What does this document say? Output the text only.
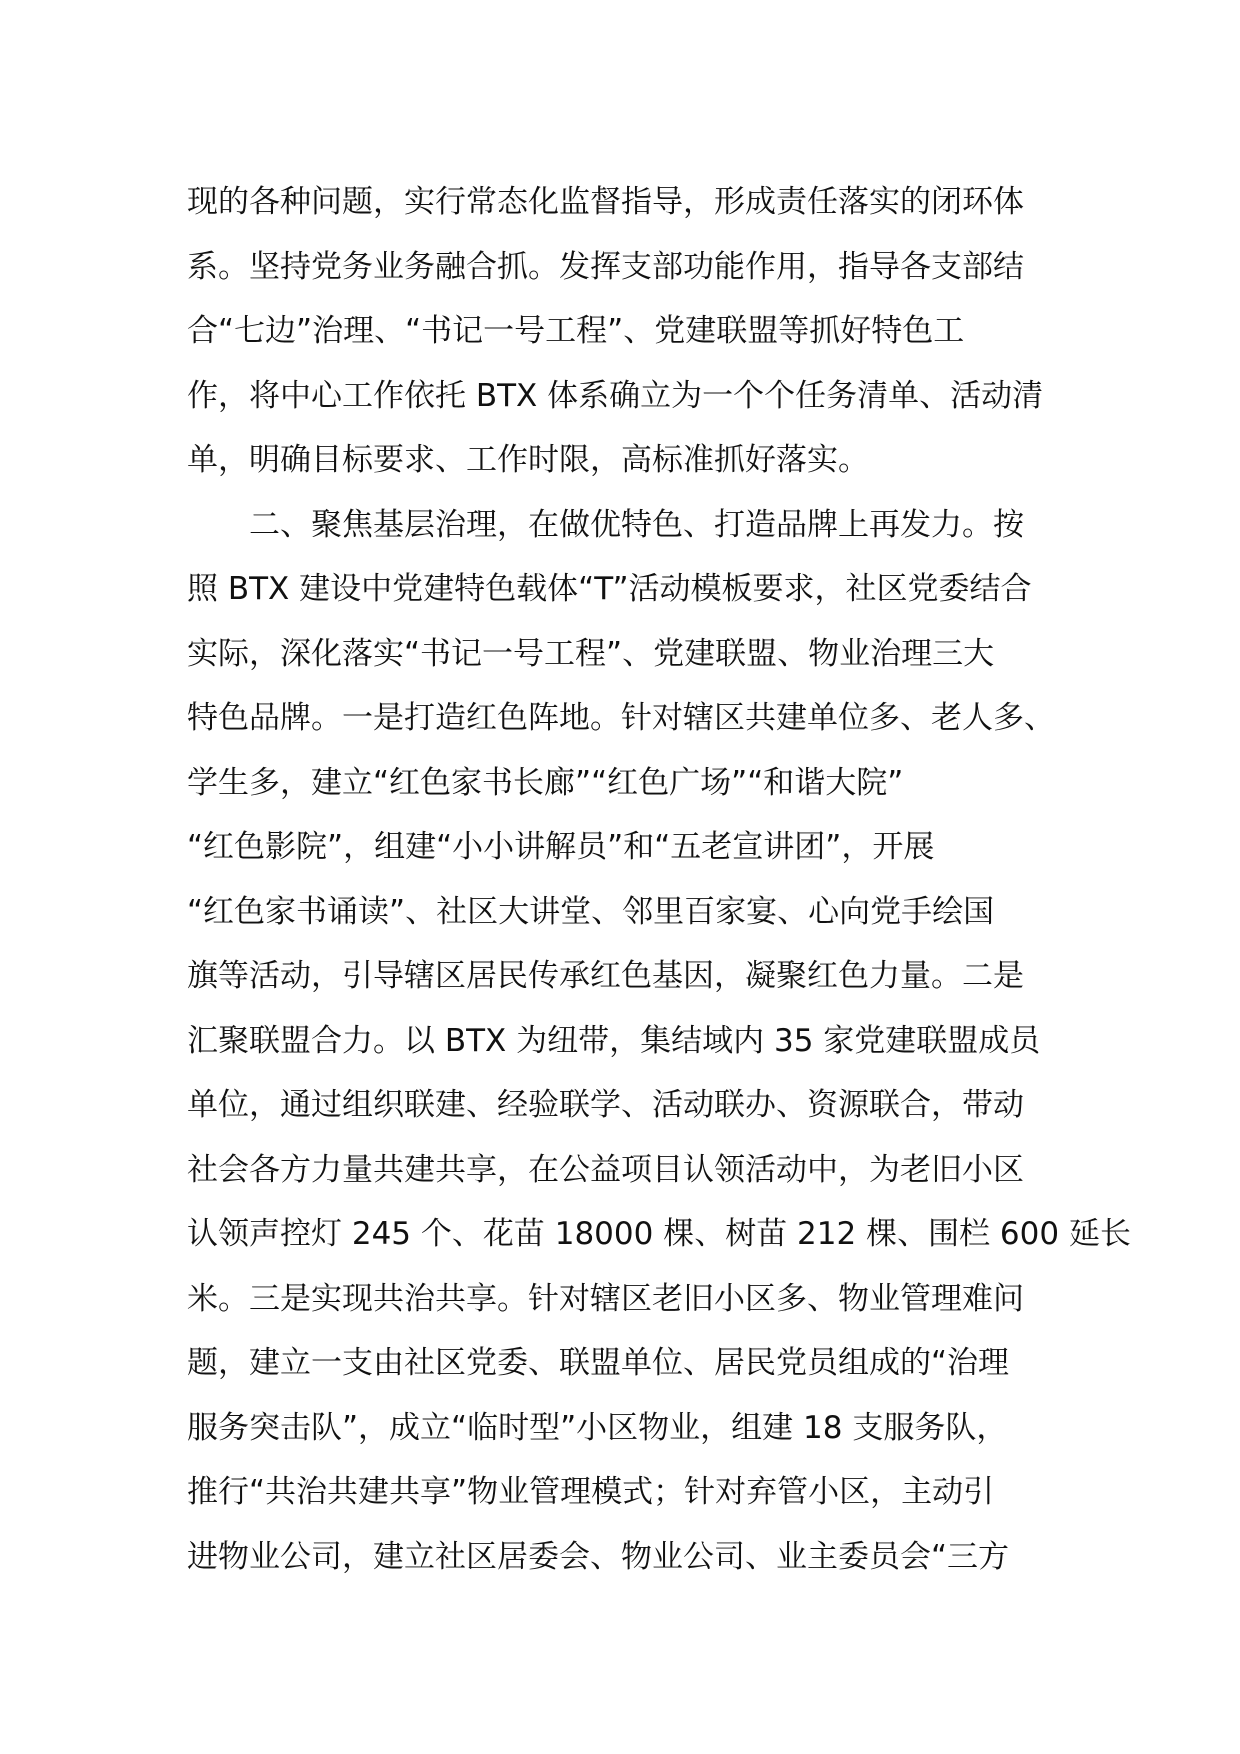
现的各种问题，实行常态化监督指导，形成责任落实的闭环体
系。坚持党务业务融合抓。发挥支部功能作用，指导各支部结
合“七边”治理、“书记一号工程”、党建联盟等抓好特色工
作，将中心工作依托 BTX 体系确立为一个个任务清单、活动清
单，明确目标要求、工作时限，高标准抓好落实。
　　二、聚焦基层治理，在做优特色、打造品牌上再发力。按
照 BTX 建设中党建特色载体“T”活动模板要求，社区党委结合
实际，深化落实“书记一号工程”、党建联盟、物业治理三大
特色品牌。一是打造红色阵地。针对辖区共建单位多、老人多、
学生多，建立“红色家书长廊”“红色广场”“和谐大院”
“红色影院”，组建“小小讲解员”和“五老宣讲团”，开展
“红色家书诵读”、社区大讲堂、邻里百家宴、心向党手绘国
旗等活动，引导辖区居民传承红色基因，凝聚红色力量。二是
汇聚联盟合力。以 BTX 为纽带，集结域内 35 家党建联盟成员
单位，通过组织联建、经验联学、活动联办、资源联合，带动
社会各方力量共建共享，在公益项目认领活动中，为老旧小区
认领声控灯 245 个、花苗 18000 棵、树苗 212 棵、围栏 600 延长
米。三是实现共治共享。针对辖区老旧小区多、物业管理难问
题，建立一支由社区党委、联盟单位、居民党员组成的“治理
服务突击队”，成立“临时型”小区物业，组建 18 支服务队，
推行“共治共建共享”物业管理模式；针对弃管小区，主动引
进物业公司，建立社区居委会、物业公司、业主委员会“三方
